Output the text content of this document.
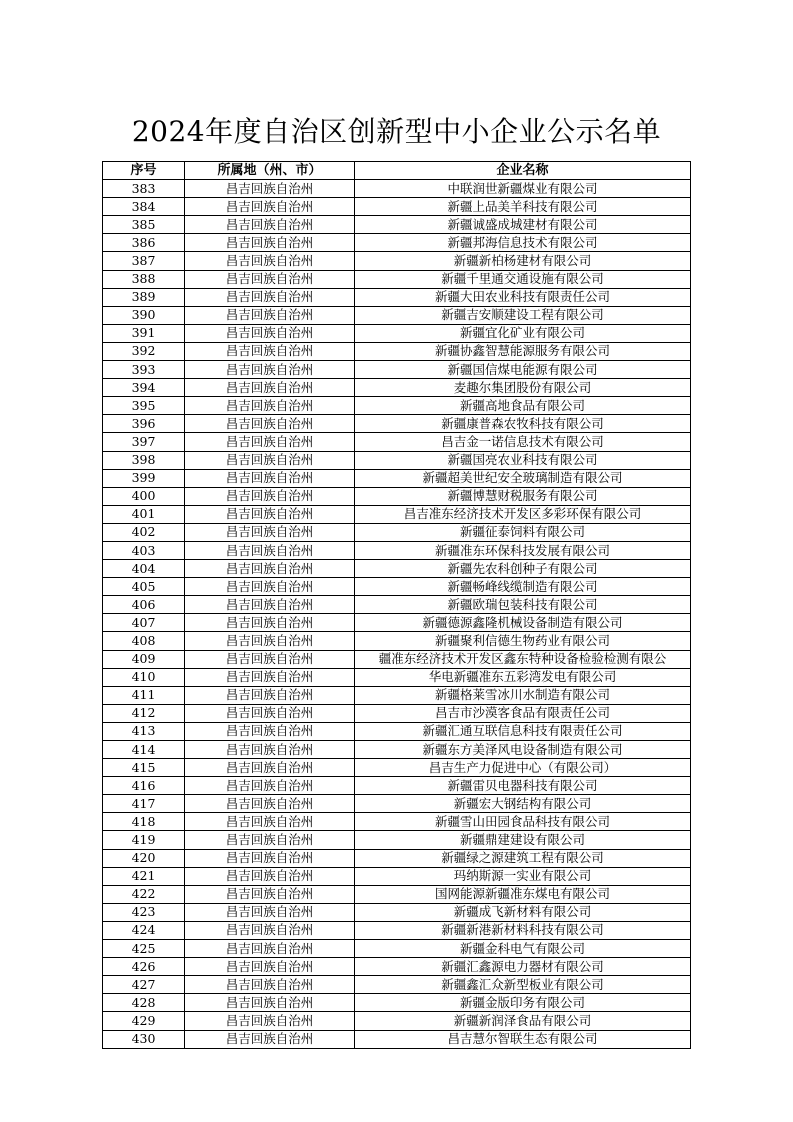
2024年度自治区创新型中小企业公示名单
序号	所属地（州、市）	企业名称
383	昌吉回族自治州	中联润世新疆煤业有限公司
384	昌吉回族自治州	新疆上品美羊科技有限公司
385	昌吉回族自治州	新疆诚盛成城建材有限公司
386	昌吉回族自治州	新疆邦海信息技术有限公司
387	昌吉回族自治州	新疆新柏杨建材有限公司
388	昌吉回族自治州	新疆千里通交通设施有限公司
389	昌吉回族自治州	新疆大田农业科技有限责任公司
390	昌吉回族自治州	新疆吉安顺建设工程有限公司
391	昌吉回族自治州	新疆宜化矿业有限公司
392	昌吉回族自治州	新疆协鑫智慧能源服务有限公司
393	昌吉回族自治州	新疆国信煤电能源有限公司
394	昌吉回族自治州	麦趣尔集团股份有限公司
395	昌吉回族自治州	新疆高地食品有限公司
396	昌吉回族自治州	新疆康普森农牧科技有限公司
397	昌吉回族自治州	昌吉金一诺信息技术有限公司
398	昌吉回族自治州	新疆国亮农业科技有限公司
399	昌吉回族自治州	新疆超美世纪安全玻璃制造有限公司
400	昌吉回族自治州	新疆博慧财税服务有限公司
401	昌吉回族自治州	昌吉准东经济技术开发区多彩环保有限公司
402	昌吉回族自治州	新疆征泰饲料有限公司
403	昌吉回族自治州	新疆准东环保科技发展有限公司
404	昌吉回族自治州	新疆先农科创种子有限公司
405	昌吉回族自治州	新疆畅峰线缆制造有限公司
406	昌吉回族自治州	新疆欧瑞包装科技有限公司
407	昌吉回族自治州	新疆德源鑫隆机械设备制造有限公司
408	昌吉回族自治州	新疆聚利信德生物药业有限公司
409	昌吉回族自治州	疆准东经济技术开发区鑫东特种设备检验检测有限公
410	昌吉回族自治州	华电新疆准东五彩湾发电有限公司
411	昌吉回族自治州	新疆格莱雪冰川水制造有限公司
412	昌吉回族自治州	昌吉市沙漠客食品有限责任公司
413	昌吉回族自治州	新疆汇通互联信息科技有限责任公司
414	昌吉回族自治州	新疆东方美泽风电设备制造有限公司
415	昌吉回族自治州	昌吉生产力促进中心（有限公司）
416	昌吉回族自治州	新疆雷贝电器科技有限公司
417	昌吉回族自治州	新疆宏大钢结构有限公司
418	昌吉回族自治州	新疆雪山田园食品科技有限公司
419	昌吉回族自治州	新疆鼎建建设有限公司
420	昌吉回族自治州	新疆绿之源建筑工程有限公司
421	昌吉回族自治州	玛纳斯源一实业有限公司
422	昌吉回族自治州	国网能源新疆准东煤电有限公司
423	昌吉回族自治州	新疆成飞新材料有限公司
424	昌吉回族自治州	新疆新港新材料科技有限公司
425	昌吉回族自治州	新疆金科电气有限公司
426	昌吉回族自治州	新疆汇鑫源电力器材有限公司
427	昌吉回族自治州	新疆鑫汇众新型板业有限公司
428	昌吉回族自治州	新疆金版印务有限公司
429	昌吉回族自治州	新疆新润泽食品有限公司
430	昌吉回族自治州	昌吉慧尔智联生态有限公司
